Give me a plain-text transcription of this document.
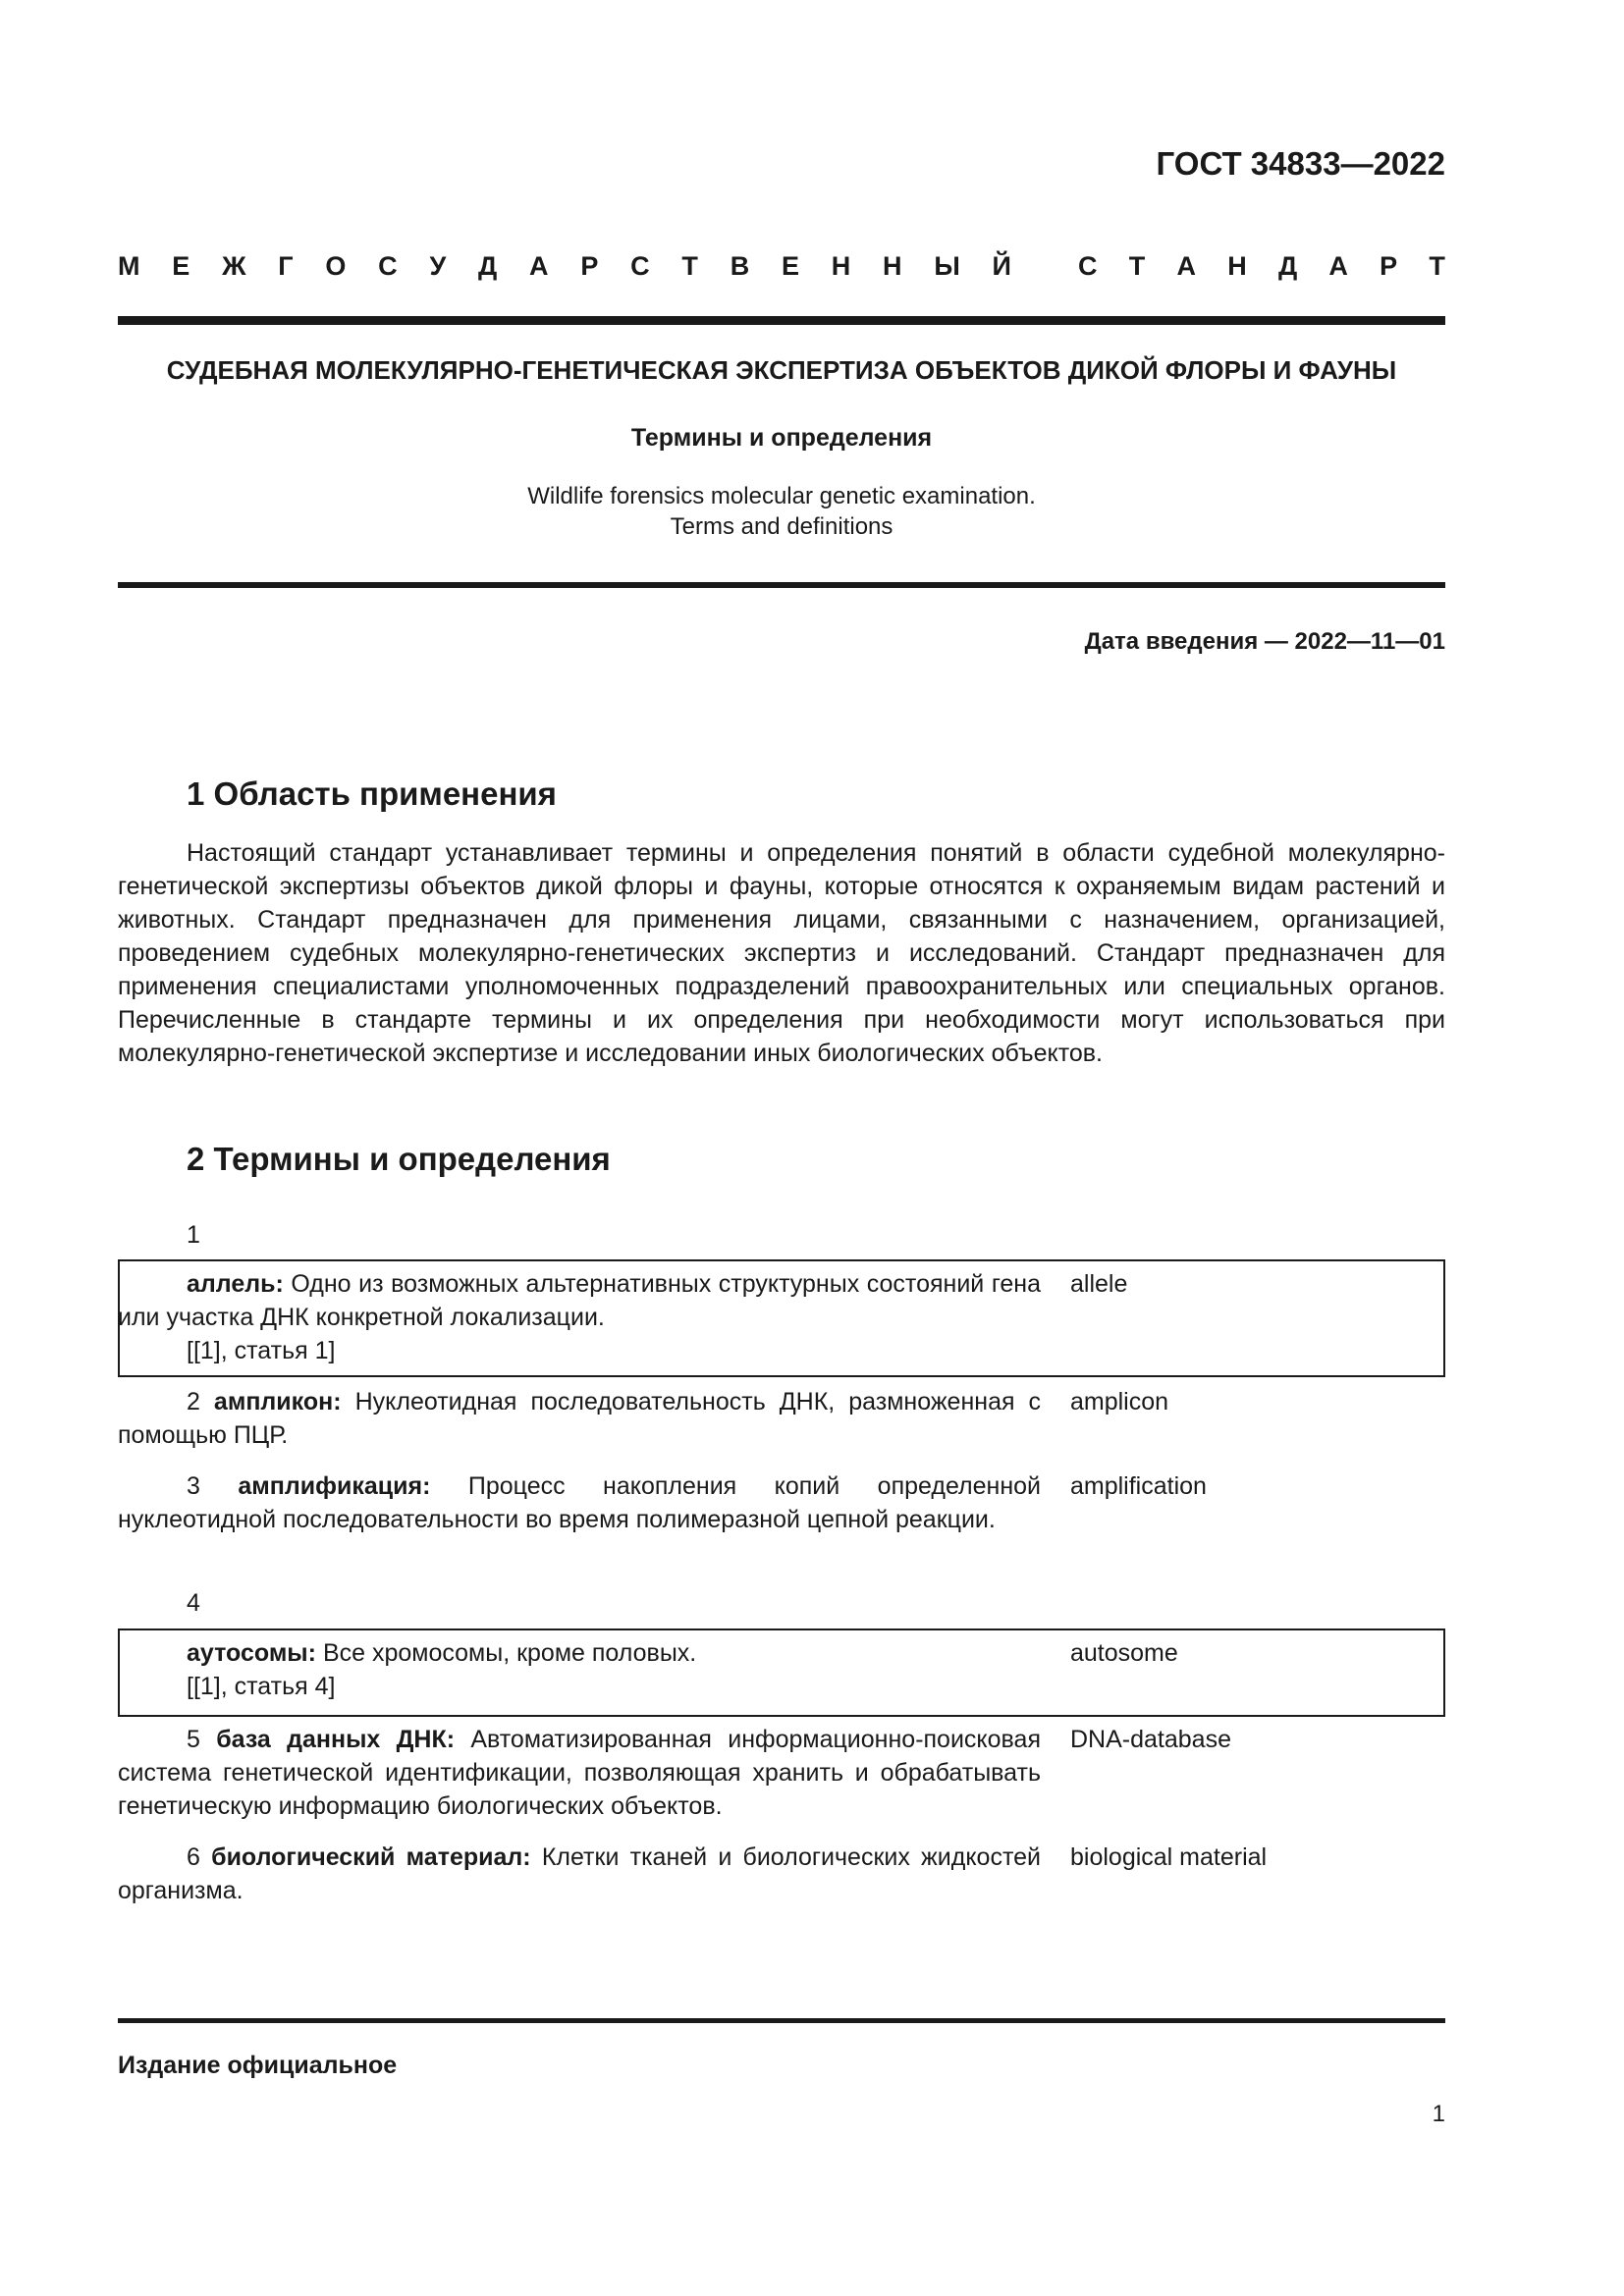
ГОСТ 34833—2022
М Е Ж Г О С У Д А Р С Т В Е Н Н Ы Й	С Т А Н Д А Р Т
СУДЕБНАЯ МОЛЕКУЛЯРНО-ГЕНЕТИЧЕСКАЯ ЭКСПЕРТИЗА ОБЪЕКТОВ ДИКОЙ ФЛОРЫ И ФАУНЫ
Термины и определения
Wildlife forensics molecular genetic examination.
Terms and definitions
Дата введения — 2022—11—01
1 Область применения

Настоящий стандарт устанавливает термины и определения понятий в области судебной молекулярно-генетической экспертизы объектов дикой флоры и фауны, которые относятся к охраняемым видам растений и животных. Стандарт предназначен для применения лицами, связанными с назначением, организацией, проведением судебных молекулярно-генетических экспертиз и исследований. Стандарт предназначен для применения специалистами уполномоченных подразделений правоохранительных или специальных органов. Перечисленные в стандарте термины и их определения при необходимости могут использоваться при молекулярно-генетической экспертизе и исследовании иных биологических объектов.

2 Термины и определения
1
аллель: Одно из возможных альтернативных структурных состояний гена или участка ДНК конкретной локализации.
[[1], статья 1]
allele
2 ампликон: Нуклеотидная последовательность ДНК, размноженная с помощью ПЦР.
amplicon
3 амплификация: Процесс накопления копий определенной нуклеотидной последовательности во время полимеразной цепной реакции.
amplification
4
аутосомы: Все хромосомы, кроме половых.
[[1], статья 4]
autosome
5 база данных ДНК: Автоматизированная информационно-поисковая система генетической идентификации, позволяющая хранить и обрабатывать генетическую информацию биологических объектов.
DNA-database
6 биологический материал: Клетки тканей и биологических жидкостей организма.
biological material
Издание официальное
1
